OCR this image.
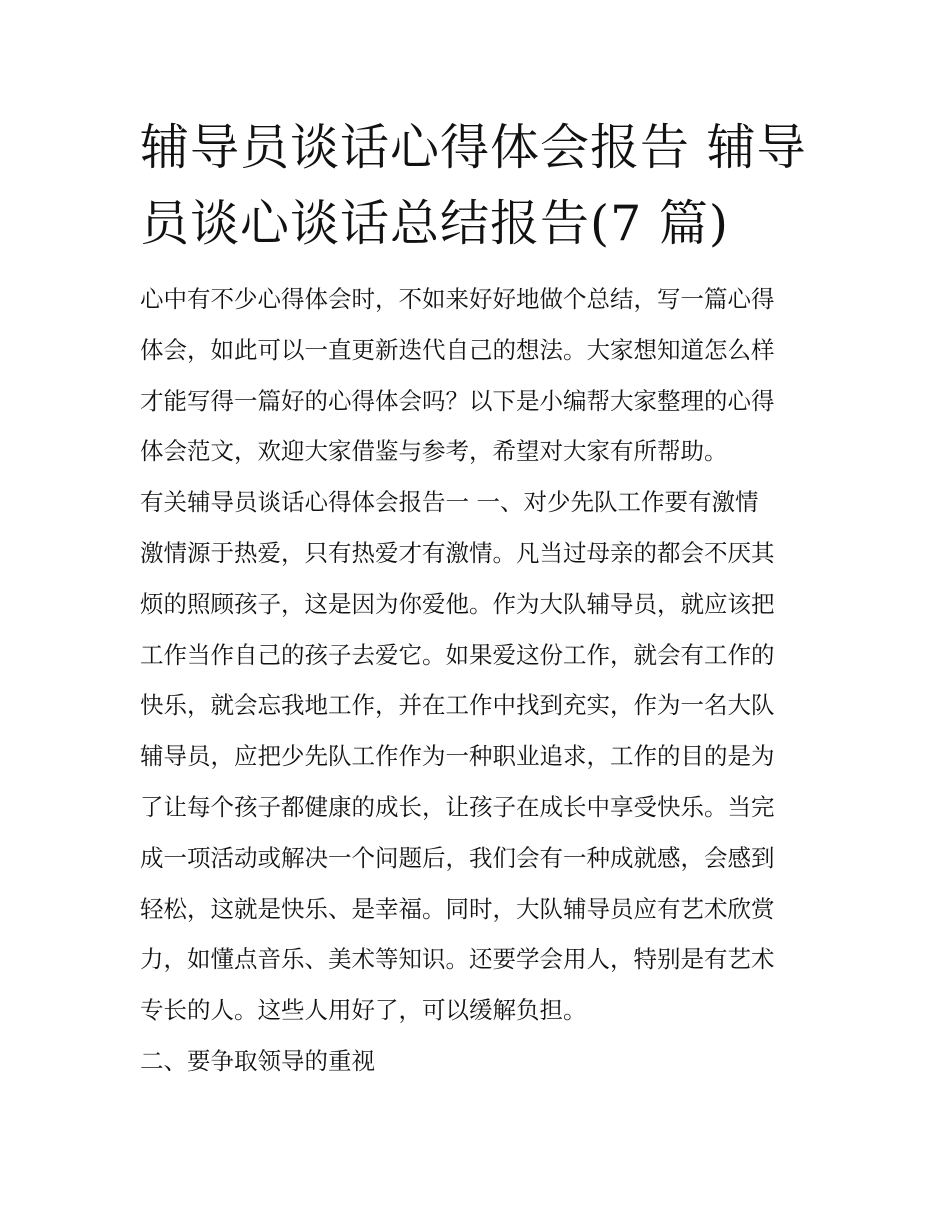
辅导员谈话心得体会报告 辅导
员谈心谈话总结报告(7 篇)

心中有不少心得体会时，不如来好好地做个总结，写一篇心得
体会，如此可以一直更新迭代自己的想法。大家想知道怎么样
才能写得一篇好的心得体会吗？以下是小编帮大家整理的心得
体会范文，欢迎大家借鉴与参考，希望对大家有所帮助。

有关辅导员谈话心得体会报告一 一、对少先队工作要有激情
激情源于热爱，只有热爱才有激情。凡当过母亲的都会不厌其
烦的照顾孩子，这是因为你爱他。作为大队辅导员，就应该把
工作当作自己的孩子去爱它。如果爱这份工作，就会有工作的
快乐，就会忘我地工作，并在工作中找到充实，作为一名大队
辅导员，应把少先队工作作为一种职业追求，工作的目的是为
了让每个孩子都健康的成长，让孩子在成长中享受快乐。当完
成一项活动或解决一个问题后，我们会有一种成就感，会感到
轻松，这就是快乐、是幸福。同时，大队辅导员应有艺术欣赏
力，如懂点音乐、美术等知识。还要学会用人，特别是有艺术
专长的人。这些人用好了，可以缓解负担。

二、要争取领导的重视
